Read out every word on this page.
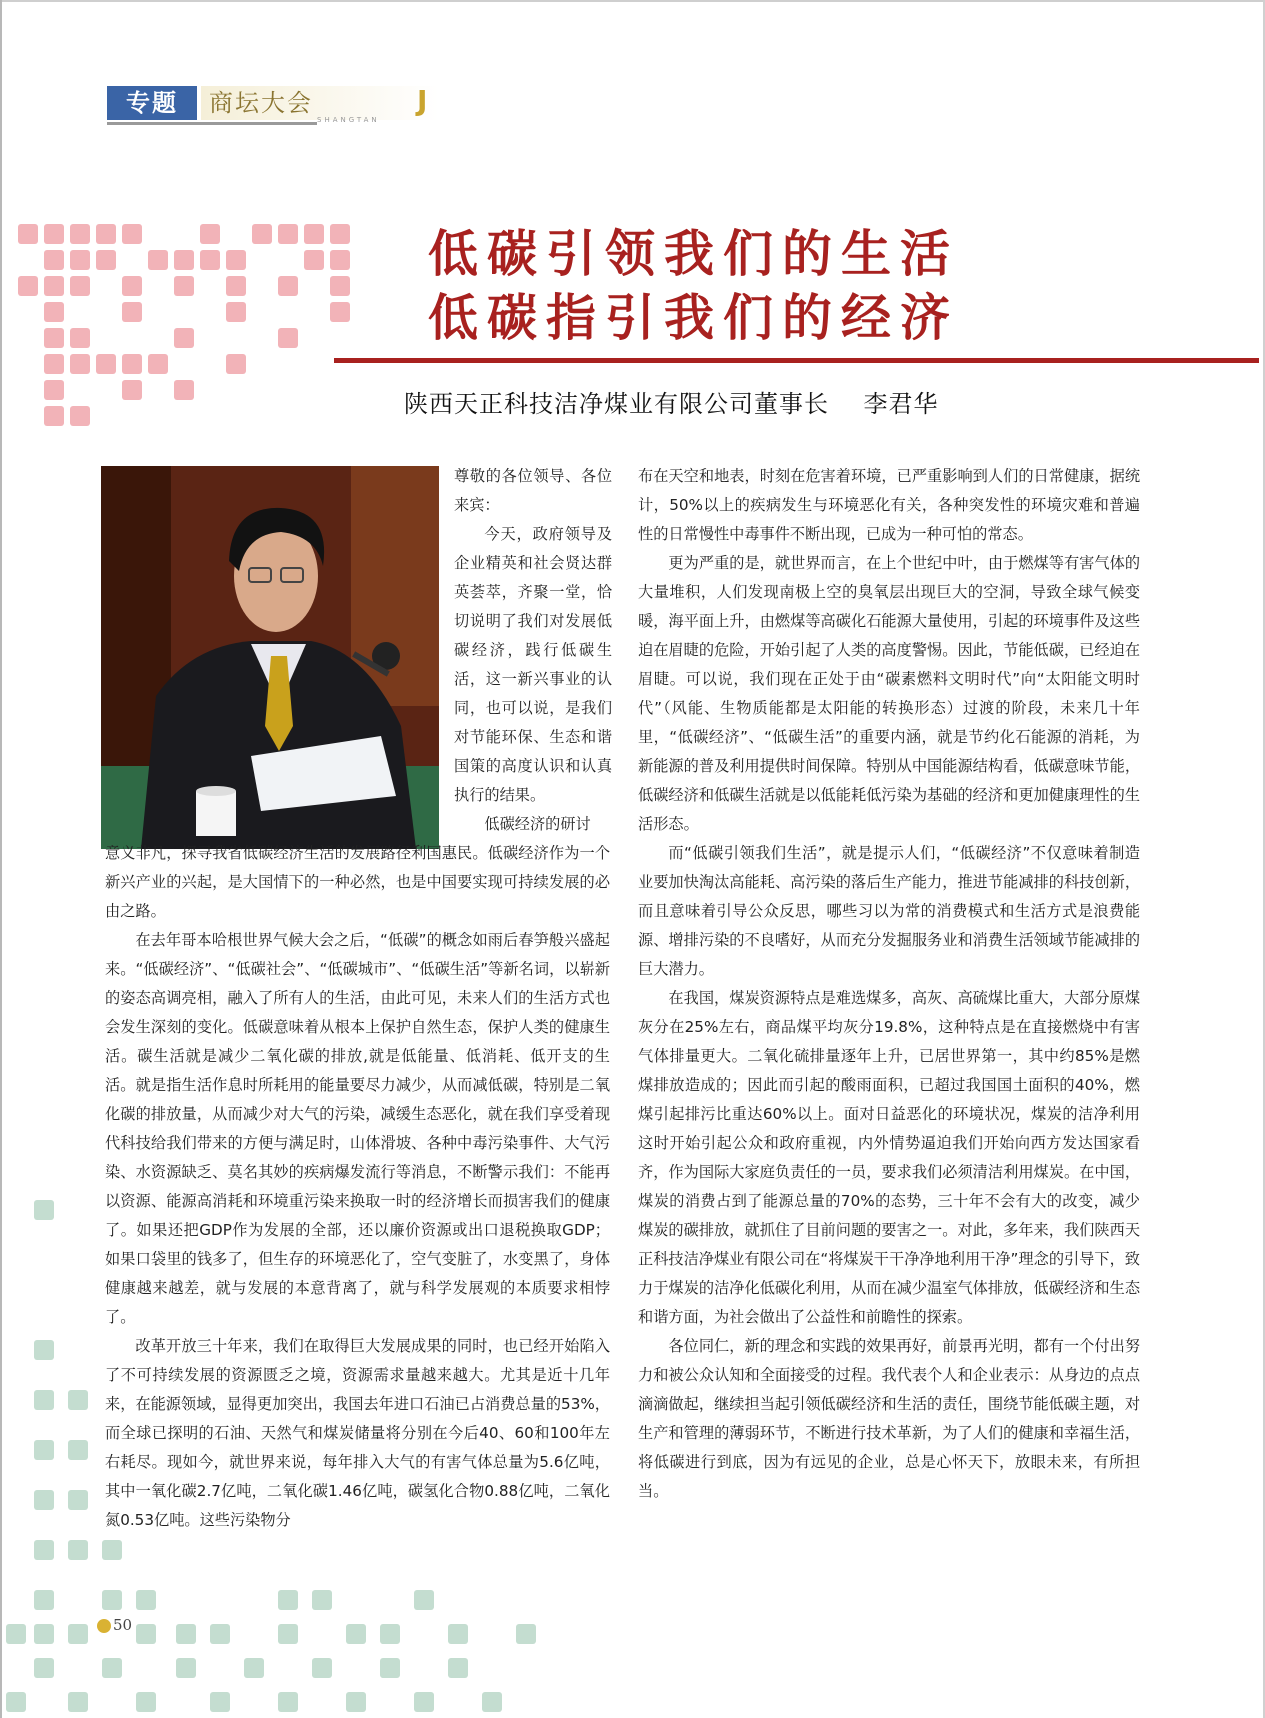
专题	商坛大会
SHANGTAN
J
低碳引领我们的生活
低碳指引我们的经济
陕西天正科技洁净煤业有限公司董事长    李君华

尊敬的各位领导、各位来宾：

今天，政府领导及企业精英和社会贤达群英荟萃，齐聚一堂，恰切说明了我们对发展低碳经济，践行低碳生活，这一新兴事业的认同，也可以说，是我们对节能环保、生态和谐国策的高度认识和认真执行的结果。

低碳经济的研讨

意义非凡，探寻我省低碳经济生活的发展路径利国惠民。低碳经济作为一个新兴产业的兴起，是大国情下的一种必然，也是中国要实现可持续发展的必由之路。

在去年哥本哈根世界气候大会之后，“低碳”的概念如雨后春笋般兴盛起来。“低碳经济”、“低碳社会”、“低碳城市”、“低碳生活”等新名词，以崭新的姿态高调亮相，融入了所有人的生活，由此可见，未来人们的生活方式也会发生深刻的变化。低碳意味着从根本上保护自然生态，保护人类的健康生活。碳生活就是减少二氧化碳的排放,就是低能量、低消耗、低开支的生活。就是指生活作息时所耗用的能量要尽力减少，从而减低碳，特别是二氧化碳的排放量，从而减少对大气的污染，减缓生态恶化，就在我们享受着现代科技给我们带来的方便与满足时，山体滑坡、各种中毒污染事件、大气污染、水资源缺乏、莫名其妙的疾病爆发流行等消息，不断警示我们：不能再以资源、能源高消耗和环境重污染来换取一时的经济增长而损害我们的健康了。如果还把GDP作为发展的全部，还以廉价资源或出口退税换取GDP；如果口袋里的钱多了，但生存的环境恶化了，空气变脏了，水变黑了，身体健康越来越差，就与发展的本意背离了，就与科学发展观的本质要求相悖了。

改革开放三十年来，我们在取得巨大发展成果的同时，也已经开始陷入了不可持续发展的资源匮乏之境，资源需求量越来越大。尤其是近十几年来，在能源领域，显得更加突出，我国去年进口石油已占消费总量的53%，而全球已探明的石油、天然气和煤炭储量将分别在今后40、60和100年左右耗尽。现如今，就世界来说，每年排入大气的有害气体总量为5.6亿吨，其中一氧化碳2.7亿吨，二氧化碳1.46亿吨，碳氢化合物0.88亿吨，二氧化氮0.53亿吨。这些污染物分

布在天空和地表，时刻在危害着环境，已严重影响到人们的日常健康，据统计，50%以上的疾病发生与环境恶化有关，各种突发性的环境灾难和普遍性的日常慢性中毒事件不断出现，已成为一种可怕的常态。

更为严重的是，就世界而言，在上个世纪中叶，由于燃煤等有害气体的大量堆积，人们发现南极上空的臭氧层出现巨大的空洞，导致全球气候变暖，海平面上升，由燃煤等高碳化石能源大量使用，引起的环境事件及这些迫在眉睫的危险，开始引起了人类的高度警惕。因此，节能低碳，已经迫在眉睫。可以说，我们现在正处于由“碳素燃料文明时代”向“太阳能文明时代”（风能、生物质能都是太阳能的转换形态）过渡的阶段，未来几十年里，“低碳经济”、“低碳生活”的重要内涵，就是节约化石能源的消耗，为新能源的普及利用提供时间保障。特别从中国能源结构看，低碳意味节能，低碳经济和低碳生活就是以低能耗低污染为基础的经济和更加健康理性的生活形态。

而“低碳引领我们生活”，就是提示人们，“低碳经济”不仅意味着制造业要加快淘汰高能耗、高污染的落后生产能力，推进节能减排的科技创新，而且意味着引导公众反思，哪些习以为常的消费模式和生活方式是浪费能源、增排污染的不良嗜好，从而充分发掘服务业和消费生活领域节能减排的巨大潜力。

在我国，煤炭资源特点是难选煤多，高灰、高硫煤比重大，大部分原煤灰分在25%左右，商品煤平均灰分19.8%，这种特点是在直接燃烧中有害气体排量更大。二氧化硫排量逐年上升，已居世界第一，其中约85%是燃煤排放造成的；因此而引起的酸雨面积，已超过我国国土面积的40%，燃煤引起排污比重达60%以上。面对日益恶化的环境状况，煤炭的洁净利用这时开始引起公众和政府重视，内外情势逼迫我们开始向西方发达国家看齐，作为国际大家庭负责任的一员，要求我们必须清洁利用煤炭。在中国，煤炭的消费占到了能源总量的70%的态势，三十年不会有大的改变，减少煤炭的碳排放，就抓住了目前问题的要害之一。对此，多年来，我们陕西天正科技洁净煤业有限公司在“将煤炭干干净净地利用干净”理念的引导下，致力于煤炭的洁净化低碳化利用，从而在减少温室气体排放，低碳经济和生态和谐方面，为社会做出了公益性和前瞻性的探索。

各位同仁，新的理念和实践的效果再好，前景再光明，都有一个付出努力和被公众认知和全面接受的过程。我代表个人和企业表示：从身边的点点滴滴做起，继续担当起引领低碳经济和生活的责任，围绕节能低碳主题，对生产和管理的薄弱环节，不断进行技术革新，为了人们的健康和幸福生活，将低碳进行到底，因为有远见的企业，总是心怀天下，放眼未来，有所担当。

50
